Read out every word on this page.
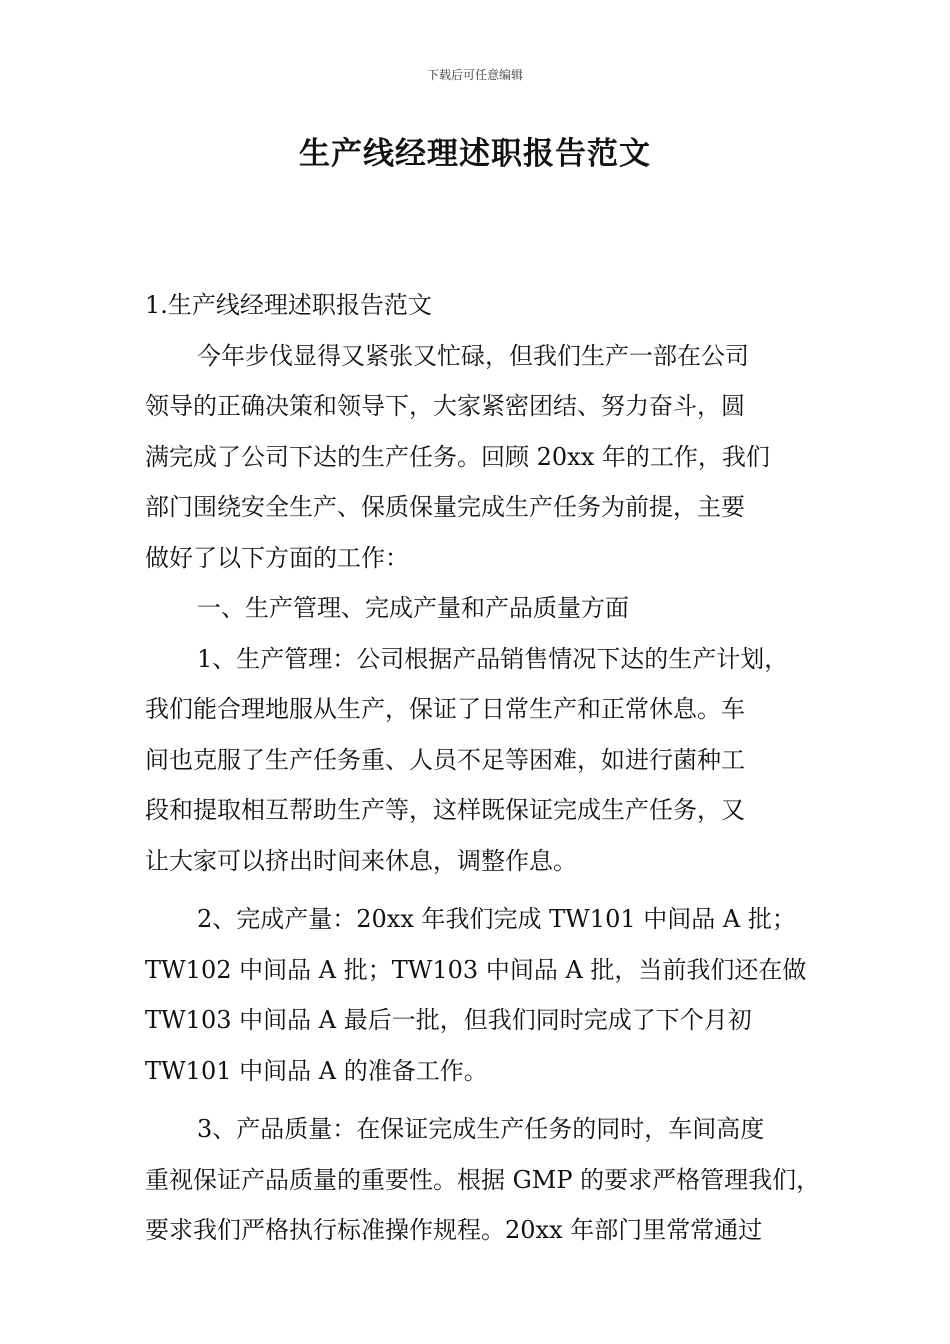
下载后可任意编辑
生产线经理述职报告范文
1.生产线经理述职报告范文
今年步伐显得又紧张又忙碌，但我们生产一部在公司
领导的正确决策和领导下，大家紧密团结、努力奋斗，圆
满完成了公司下达的生产任务。回顾 20xx 年的工作，我们
部门围绕安全生产、保质保量完成生产任务为前提，主要
做好了以下方面的工作：
一、生产管理、完成产量和产品质量方面
1、生产管理：公司根据产品销售情况下达的生产计划，
我们能合理地服从生产，保证了日常生产和正常休息。车
间也克服了生产任务重、人员不足等困难，如进行菌种工
段和提取相互帮助生产等，这样既保证完成生产任务，又
让大家可以挤出时间来休息，调整作息。
2、完成产量：20xx 年我们完成 TW101 中间品 A 批；
TW102 中间品 A 批；TW103 中间品 A 批，当前我们还在做
TW103 中间品 A 最后一批，但我们同时完成了下个月初
TW101 中间品 A 的准备工作。
3、产品质量：在保证完成生产任务的同时，车间高度
重视保证产品质量的重要性。根据 GMP 的要求严格管理我们，
要求我们严格执行标准操作规程。20xx 年部门里常常通过
